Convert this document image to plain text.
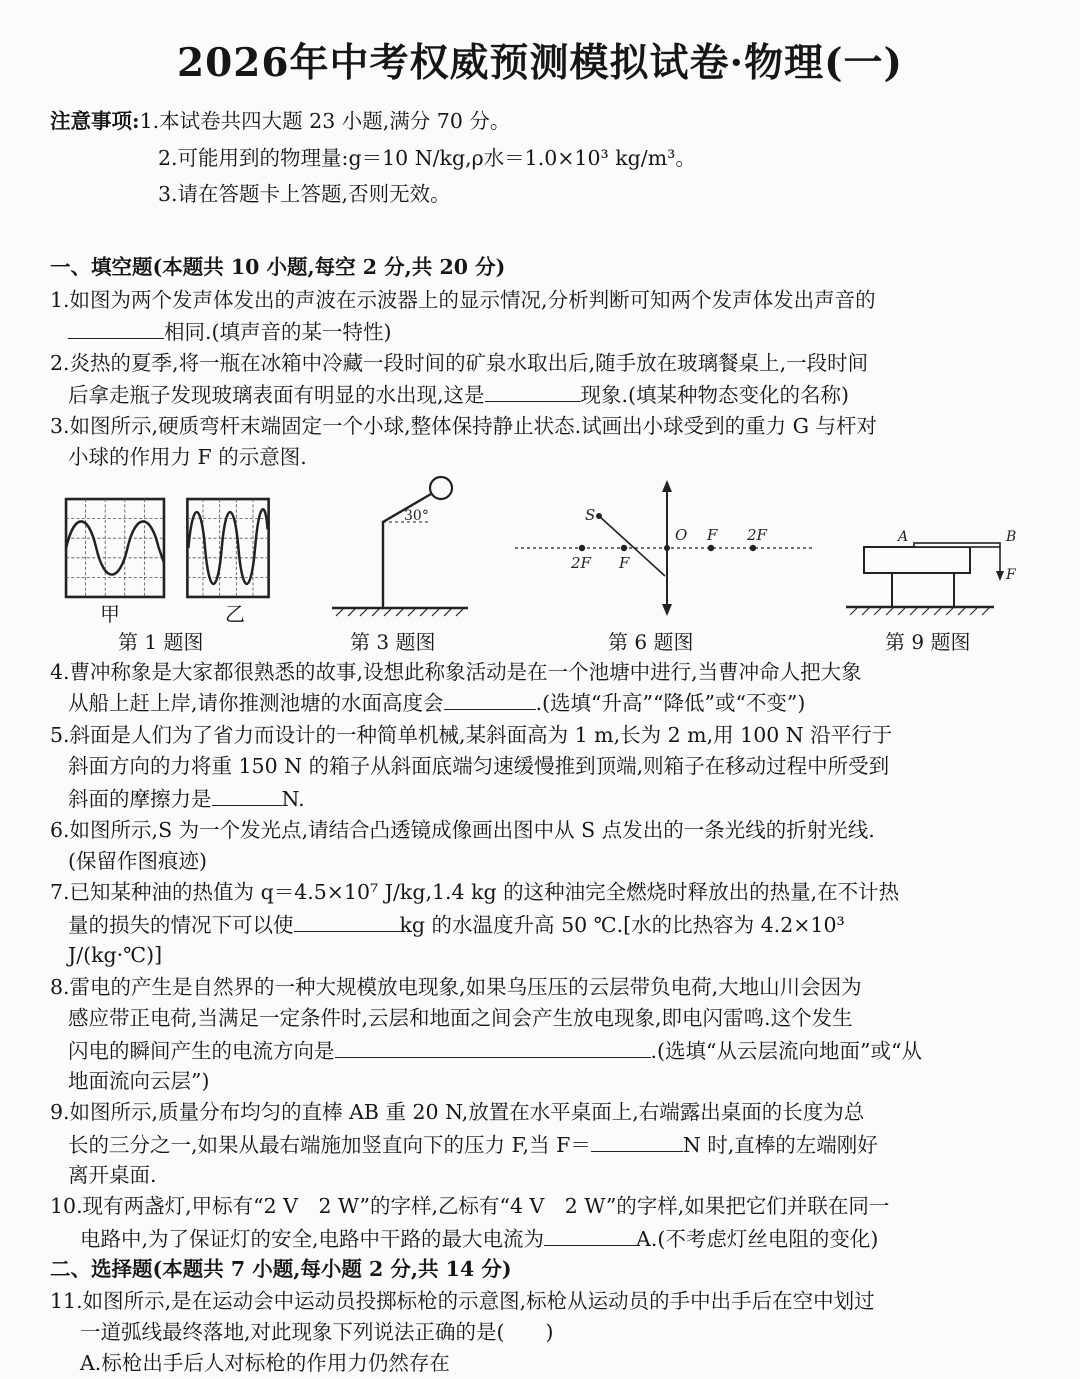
2026年中考权威预测模拟试卷·物理(一)
注意事项:1.本试卷共四大题 23 小题,满分 70 分。
2.可能用到的物理量:g＝10 N/kg,ρ水＝1.0×10³ kg/m³。
3.请在答题卡上答题,否则无效。
一、填空题(本题共 10 小题,每空 2 分,共 20 分)
1.如图为两个发声体发出的声波在示波器上的显示情况,分析判断可知两个发声体发出声音的
相同.(填声音的某一特性)
2.炎热的夏季,将一瓶在冰箱中冷藏一段时间的矿泉水取出后,随手放在玻璃餐桌上,一段时间
后拿走瓶子发现玻璃表面有明显的水出现,这是	现象.(填某种物态变化的名称)
3.如图所示,硬质弯杆末端固定一个小球,整体保持静止状态.试画出小球受到的重力 G 与杆对
小球的作用力 F 的示意图.
甲	乙
第 1 题图
30°
第 3 题图
S
O F 2F
2F F
第 6 题图
A	B
F
第 9 题图
4.曹冲称象是大家都很熟悉的故事,设想此称象活动是在一个池塘中进行,当曹冲命人把大象
从船上赶上岸,请你推测池塘的水面高度会	.(选填“升高”“降低”或“不变”)
5.斜面是人们为了省力而设计的一种简单机械,某斜面高为 1 m,长为 2 m,用 100 N 沿平行于
斜面方向的力将重 150 N 的箱子从斜面底端匀速缓慢推到顶端,则箱子在移动过程中所受到
斜面的摩擦力是	N.
6.如图所示,S 为一个发光点,请结合凸透镜成像画出图中从 S 点发出的一条光线的折射光线.
(保留作图痕迹)
7.已知某种油的热值为 q＝4.5×10⁷ J/kg,1.4 kg 的这种油完全燃烧时释放出的热量,在不计热
量的损失的情况下可以使	kg 的水温度升高 50 ℃.[水的比热容为 4.2×10³
J/(kg·℃)]
8.雷电的产生是自然界的一种大规模放电现象,如果乌压压的云层带负电荷,大地山川会因为
感应带正电荷,当满足一定条件时,云层和地面之间会产生放电现象,即电闪雷鸣.这个发生
闪电的瞬间产生的电流方向是	.(选填“从云层流向地面”或“从
地面流向云层”)
9.如图所示,质量分布均匀的直棒 AB 重 20 N,放置在水平桌面上,右端露出桌面的长度为总
长的三分之一,如果从最右端施加竖直向下的压力 F,当 F＝	N 时,直棒的左端刚好
离开桌面.
10.现有两盏灯,甲标有“2 V　2 W”的字样,乙标有“4 V　2 W”的字样,如果把它们并联在同一
电路中,为了保证灯的安全,电路中干路的最大电流为	A.(不考虑灯丝电阻的变化)
二、选择题(本题共 7 小题,每小题 2 分,共 14 分)
11.如图所示,是在运动会中运动员投掷标枪的示意图,标枪从运动员的手中出手后在空中划过
一道弧线最终落地,对此现象下列说法正确的是(　　)
A.标枪出手后人对标枪的作用力仍然存在
